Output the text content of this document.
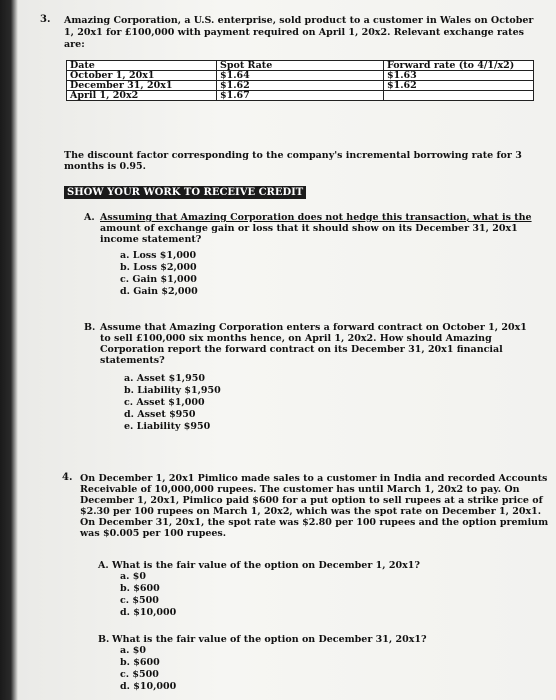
3. Amazing Corporation, a U.S. enterprise, sold product to a customer in Wales on October
1, 20x1 for £100,000 with payment required on April 1, 20x2. Relevant exchange rates
are:
Date	Spot Rate	Forward rate (to 4/1/x2)
October 1, 20x1	$1.64	$1.63
December 31, 20x1	$1.62	$1.62
April 1, 20x2	$1.67	
The discount factor corresponding to the company's incremental borrowing rate for 3
months is 0.95.
SHOW YOUR WORK TO RECEIVE CREDIT
A. Assuming that Amazing Corporation does not hedge this transaction, what is the
amount of exchange gain or loss that it should show on its December 31, 20x1
income statement?
a. Loss $1,000
b. Loss $2,000
c. Gain $1,000
d. Gain $2,000
B. Assume that Amazing Corporation enters a forward contract on October 1, 20x1
to sell £100,000 six months hence, on April 1, 20x2. How should Amazing
Corporation report the forward contract on its December 31, 20x1 financial
statements?
a. Asset $1,950
b. Liability $1,950
c. Asset $1,000
d. Asset $950
e. Liability $950
4. On December 1, 20x1 Pimlico made sales to a customer in India and recorded Accounts
Receivable of 10,000,000 rupees. The customer has until March 1, 20x2 to pay. On
December 1, 20x1, Pimlico paid $600 for a put option to sell rupees at a strike price of
$2.30 per 100 rupees on March 1, 20x2, which was the spot rate on December 1, 20x1.
On December 31, 20x1, the spot rate was $2.80 per 100 rupees and the option premium
was $0.005 per 100 rupees.
A. What is the fair value of the option on December 1, 20x1?
a. $0
b. $600
c. $500
d. $10,000
B. What is the fair value of the option on December 31, 20x1?
a. $0
b. $600
c. $500
d. $10,000
